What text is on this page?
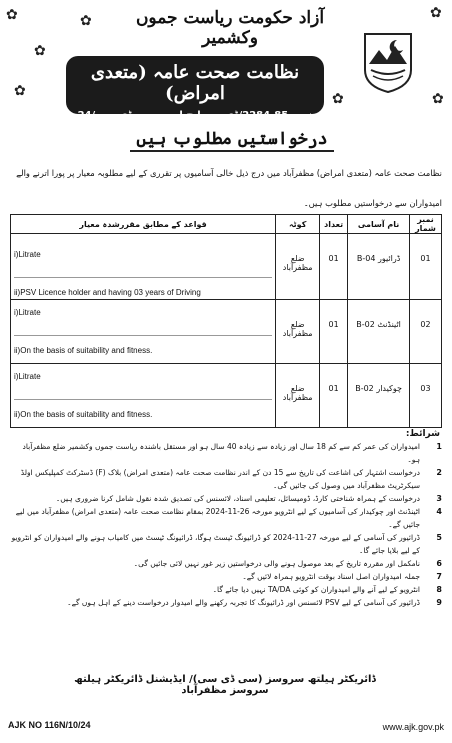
✿
✿
✿
✿	✿
✿
✿
آزاد حکومت ریاست جموں وکشمیر
نظامت صحت عامہ (متعدی امراض)
نمبر 85-2284/ڈی جی ایچ ایس۔سی ڈی سی/24
درخواستیں مطلوب ہیں
نظامت صحت عامہ (متعدی امراض) مظفرآباد میں درج ذیل خالی آسامیوں پر تقرری کے لیے مطلوبہ معیار پر پورا اترنے والے
امیدواران سے درخواستیں مطلوب ہیں۔
قواعد کے مطابق مقررشدہ معیار	کوٹہ	تعداد	نام آسامی	نمبر شمار

i)Litrate
ii)PSV Licence holder and having 03 years of Driving	ضلع مظفرآباد	01	ڈرائیور B-04	01

i)Litrate
ii)On the basis of suitability and fitness.	ضلع مظفرآباد	01	اٹینڈنٹ B-02	02

i)Litrate
ii)On the basis of suitability and fitness.	ضلع مظفرآباد	01	چوکیدار B-02	03
شرائط:
1
امیدواران کی عمر کم سے کم 18 سال اور زیادہ سے زیادہ 40 سال ہو اور مستقل باشندہ ریاست جموں وکشمیر ضلع مظفرآباد ہو۔
2
درخواست اشتہار کی اشاعت کی تاریخ سے 15 دن کے اندر نظامت صحت عامہ (متعدی امراض) بلاک (F) ڈسٹرکٹ کمپلیکس اولڈ سیکرٹریٹ مظفرآباد میں وصول کی جائیں گی۔
3
درخواست کے ہمراہ شناختی کارڈ، ڈومیسائل، تعلیمی اسناد، لائسنس کی تصدیق شدہ نقول شامل کرنا ضروری ہیں۔
4
اٹینڈنٹ اور چوکیدار کی آسامیوں کے لیے انٹرویو مورخہ 26-11-2024 بمقام نظامت صحت عامہ (متعدی امراض) مظفرآباد میں لیے جائیں گے۔
5
ڈرائیور کی آسامی کے لیے مورخہ 27-11-2024 کو ڈرائیونگ ٹیسٹ ہوگا، ڈرائیونگ ٹیسٹ میں کامیاب ہونے والے امیدواران کو انٹرویو کے لیے بلایا جائے گا۔
6
نامکمل اور مقررہ تاریخ کے بعد موصول ہونے والی درخواستیں زیر غور نہیں لائی جائیں گی۔
7
جملہ امیدواران اصل اسناد بوقت انٹرویو ہمراہ لائیں گے۔
8
انٹرویو کے لیے آنے والے امیدواران کو کوئی TA/DA نہیں دیا جائے گا۔
9
ڈرائیور کی آسامی کے لیے PSV لائسنس اور ڈرائیونگ کا تجربہ رکھنے والے امیدوار درخواست دینے کے اہل ہوں گے۔
ڈائریکٹر ہیلتھ سروسز (سی ڈی سی)/ ایڈیشنل ڈائریکٹر ہیلتھ سروسز مظفرآباد
AJK NO 116N/10/24	www.ajk.gov.pk
